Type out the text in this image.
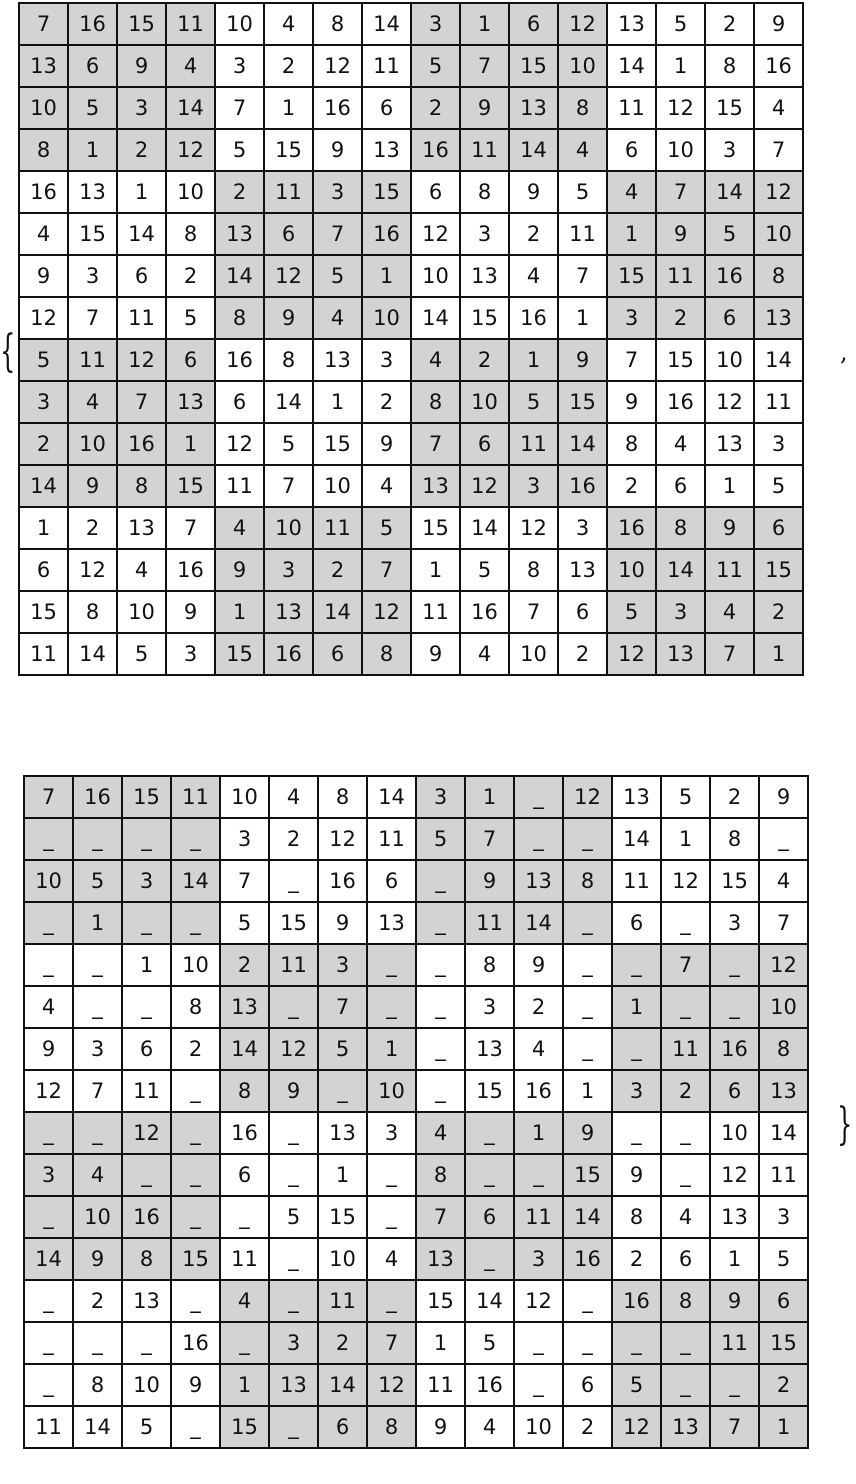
7	16	15	11	10	4	8	14	3	1	6	12	13	5	2	9
13	6	9	4	3	2	12	11	5	7	15	10	14	1	8	16
10	5	3	14	7	1	16	6	2	9	13	8	11	12	15	4
8	1	2	12	5	15	9	13	16	11	14	4	6	10	3	7
16	13	1	10	2	11	3	15	6	8	9	5	4	7	14	12
4	15	14	8	13	6	7	16	12	3	2	11	1	9	5	10
9	3	6	2	14	12	5	1	10	13	4	7	15	11	16	8
12	7	11	5	8	9	4	10	14	15	16	1	3	2	6	13
5	11	12	6	16	8	13	3	4	2	1	9	7	15	10	14
3	4	7	13	6	14	1	2	8	10	5	15	9	16	12	11
2	10	16	1	12	5	15	9	7	6	11	14	8	4	13	3
14	9	8	15	11	7	10	4	13	12	3	16	2	6	1	5
1	2	13	7	4	10	11	5	15	14	12	3	16	8	9	6
6	12	4	16	9	3	2	7	1	5	8	13	10	14	11	15
15	8	10	9	1	13	14	12	11	16	7	6	5	3	4	2
11	14	5	3	15	16	6	8	9	4	10	2	12	13	7	1
{	,
7	16	15	11	10	4	8	14	3	1	_	12	13	5	2	9
_	_	_	_	3	2	12	11	5	7	_	_	14	1	8	_
10	5	3	14	7	_	16	6	_	9	13	8	11	12	15	4
_	1	_	_	5	15	9	13	_	11	14	_	6	_	3	7
_	_	1	10	2	11	3	_	_	8	9	_	_	7	_	12
4	_	_	8	13	_	7	_	_	3	2	_	1	_	_	10
9	3	6	2	14	12	5	1	_	13	4	_	_	11	16	8
12	7	11	_	8	9	_	10	_	15	16	1	3	2	6	13
_	_	12	_	16	_	13	3	4	_	1	9	_	_	10	14
3	4	_	_	6	_	1	_	8	_	_	15	9	_	12	11
_	10	16	_	_	5	15	_	7	6	11	14	8	4	13	3
14	9	8	15	11	_	10	4	13	_	3	16	2	6	1	5
_	2	13	_	4	_	11	_	15	14	12	_	16	8	9	6
_	_	_	16	_	3	2	7	1	5	_	_	_	_	11	15
_	8	10	9	1	13	14	12	11	16	_	6	5	_	_	2
11	14	5	_	15	_	6	8	9	4	10	2	12	13	7	1
}
